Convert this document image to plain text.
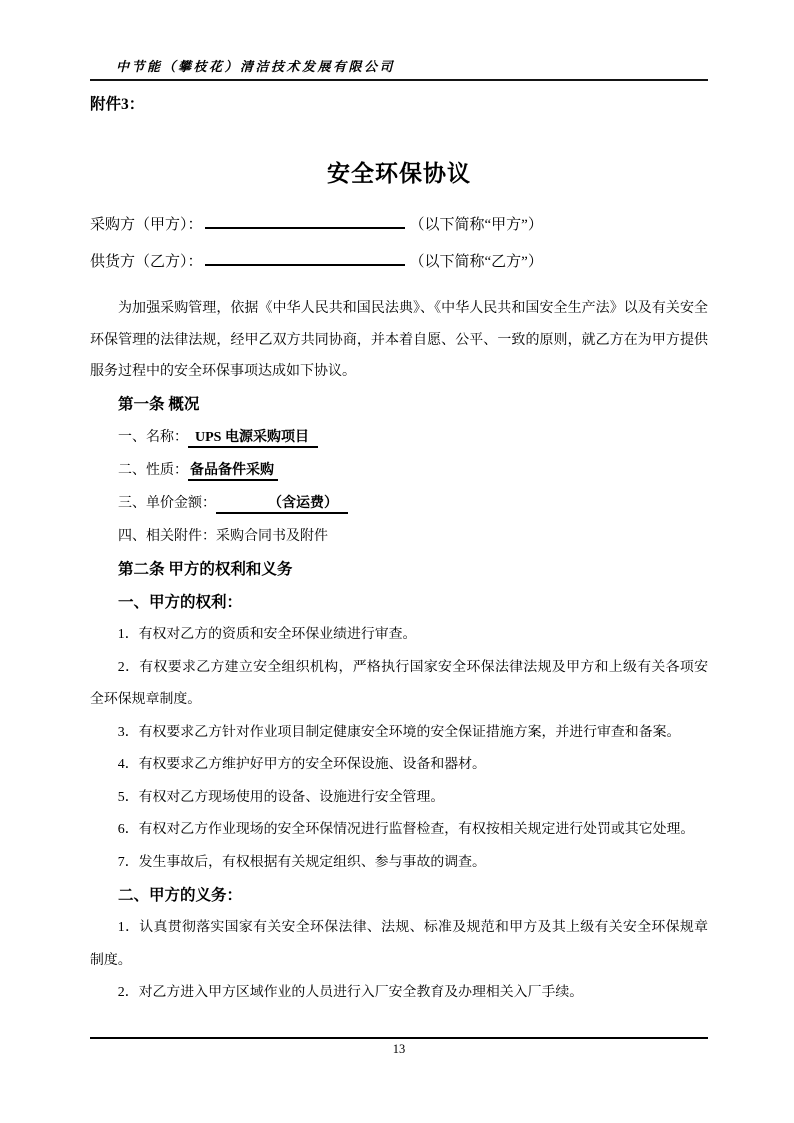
中节能（攀枝花）清洁技术发展有限公司
附件3：
安全环保协议
采购方（甲方）：	（以下简称“甲方”）
供货方（乙方）：	（以下简称“乙方”）

为加强采购管理，依据《中华人民共和国民法典》、《中华人民共和国安全生产法》以及有关安全环保管理的法律法规，经甲乙双方共同协商，并本着自愿、公平、一致的原则，就乙方在为甲方提供服务过程中的安全环保事项达成如下协议。

第一条 概况
一、名称： UPS 电源采购项目
二、性质： 备品备件采购
三、单价金额：	（含运费）
四、相关附件：采购合同书及附件
第二条 甲方的权利和义务
一、甲方的权利：

1．有权对乙方的资质和安全环保业绩进行审查。

2．有权要求乙方建立安全组织机构，严格执行国家安全环保法律法规及甲方和上级有关各项安全环保规章制度。

3．有权要求乙方针对作业项目制定健康安全环境的安全保证措施方案，并进行审查和备案。

4．有权要求乙方维护好甲方的安全环保设施、设备和器材。

5．有权对乙方现场使用的设备、设施进行安全管理。

6．有权对乙方作业现场的安全环保情况进行监督检查，有权按相关规定进行处罚或其它处理。

7．发生事故后，有权根据有关规定组织、参与事故的调查。

二、甲方的义务：

1．认真贯彻落实国家有关安全环保法律、法规、标准及规范和甲方及其上级有关安全环保规章制度。

2．对乙方进入甲方区域作业的人员进行入厂安全教育及办理相关入厂手续。

13
